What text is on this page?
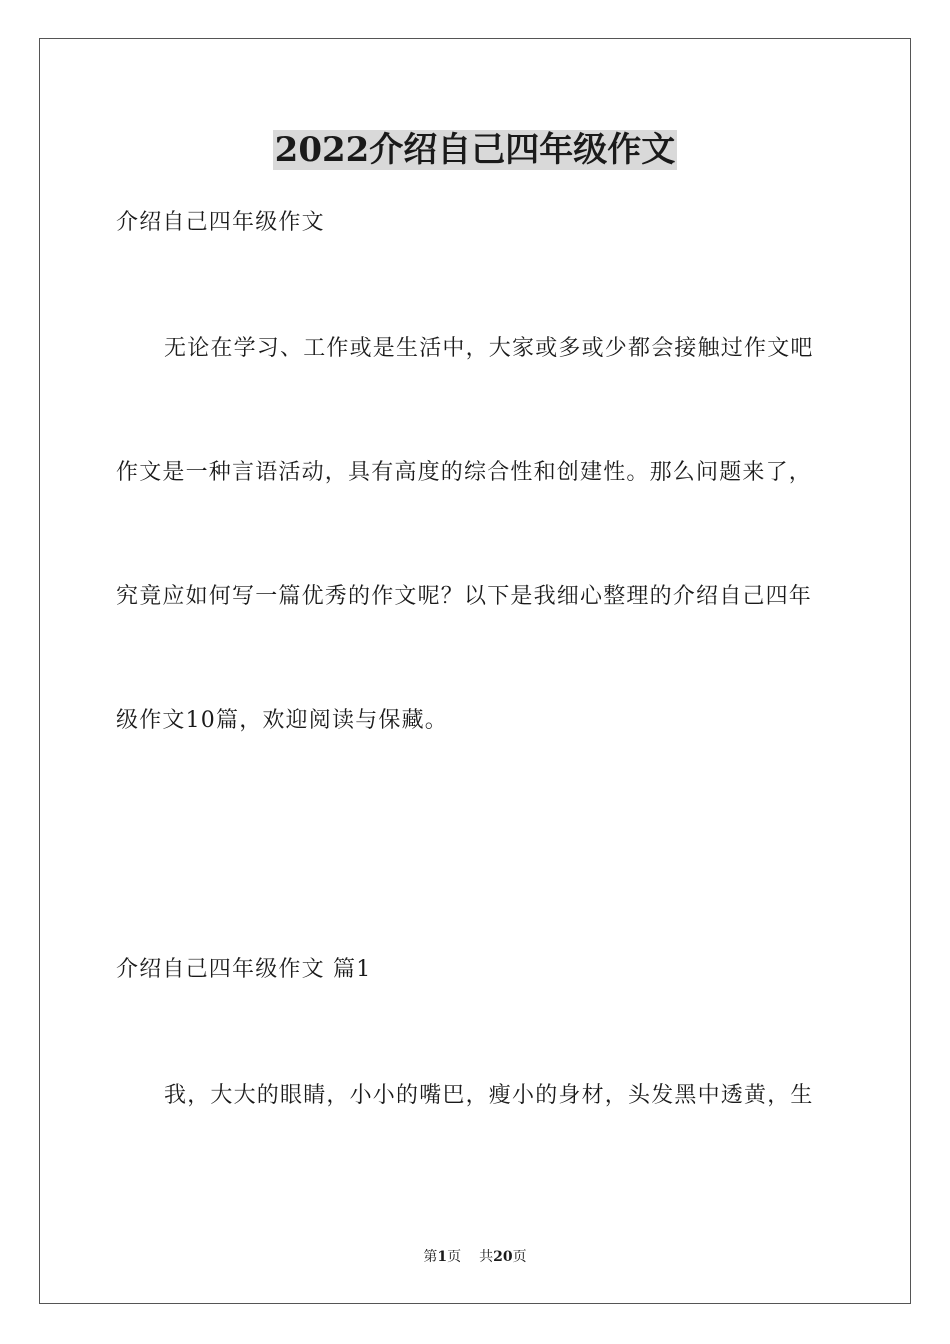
2022介绍自己四年级作文
介绍自己四年级作文
无论在学习、工作或是生活中，大家或多或少都会接触过作文吧
作文是一种言语活动，具有高度的综合性和创建性。那么问题来了，
究竟应如何写一篇优秀的作文呢？以下是我细心整理的介绍自己四年
级作文10篇，欢迎阅读与保藏。
介绍自己四年级作文 篇1
我，大大的眼睛，小小的嘴巴，瘦小的身材，头发黑中透黄，生
第1页 共20页
